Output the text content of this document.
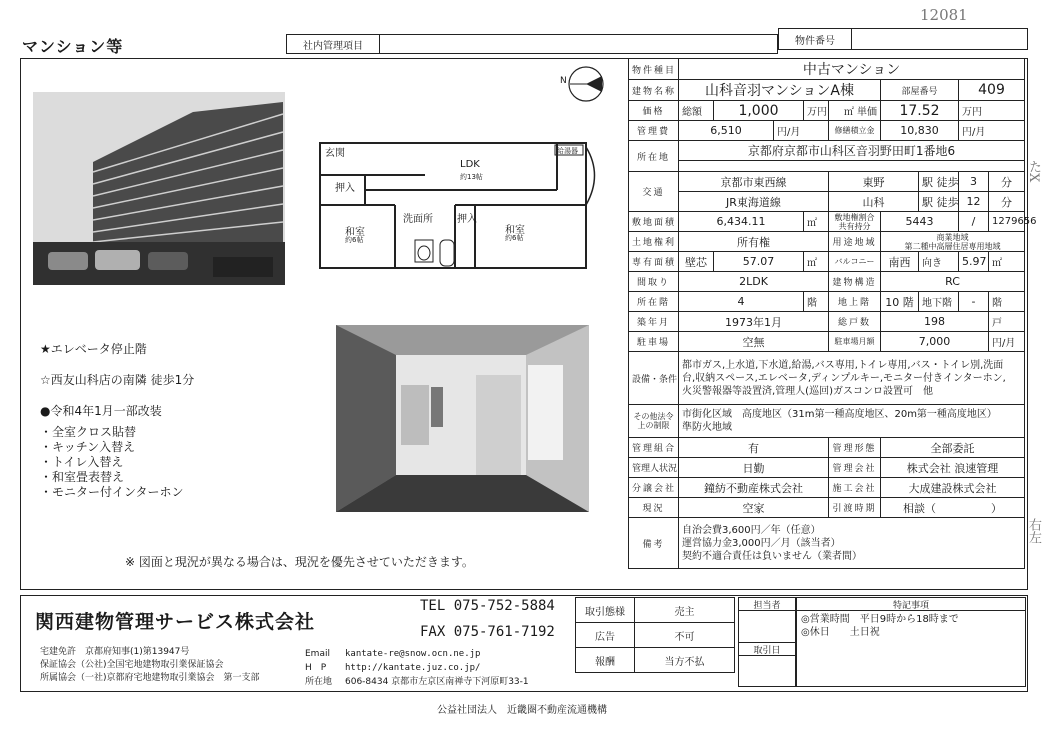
マンション等
12081
社内管理項目	物件番号
N
玄関
LDK
約13帖
押入
和室
約6帖
洗面所 押入
和室
約6帖
給湯器
★エレベータ停止階
☆西友山科店の南隣 徒歩1分
●令和4年1月一部改装
・全室クロス貼替
・キッチン入替え
・トイレ入替え
・和室畳表替え
・モニター付インターホン
※ 図面と現況が異なる場合は、現況を優先させていただきます。
たX
右左
物件種目	中古マンション								
建物名称	山科音羽マンションA棟					部屋番号		409	
価格	総額	1,000		万円	㎡ 単価	17.52		万円	
管理費	6,510		円/月		修繕積立金	10,830		円/月	
所在地	京都府京都市山科区音羽野田町1番地6								

交通	京都市東西線				東野		駅 徒歩	3	分
	JR東海道線				山科		駅 徒歩	12	分
敷地面積	6,434.11			㎡	敷地権割合 共有持分	5443		/	1279656
土地権利	所有権				用途地域	商業地域
第二種中高層住居専用地域			

専有面積	壁芯	57.07		㎡	バルコニー	南西	向き	5.97	㎡
間取り	2LDK				建物構造	RC			
所在階	4			階	地上階	10 階	地下階	-	階
築年月	1973年1月				総戸数	198			戸
駐車場	空無				駐車場月額	7,000			円/月
設備・条件	都市ガス,上水道,下水道,給湯,バス専用,トイレ専用,バス・トイレ別,洗面
台,収納スペース,エレベータ,ディンプルキー,モニター付きインターホン,
火災警報器等設置済,管理人(巡回)ガスコンロ設置可　他								

その他法令上の制限	市街化区域　高度地区（31m第一種高度地区、20m第一種高度地区）
準防火地域								

管理組合	有				管理形態	全部委託			
管理人状況	日勤				管理会社	株式会社 浪速管理			
分譲会社	鐘紡不動産株式会社				施工会社	大成建設株式会社			
現況	空家				引渡時期	相談（　　　　　）			
備考	自治会費3,600円／年（任意）
運営協力金3,000円／月（該当者）
契約不適合責任は負いません（業者間）								
関西建物管理サービス株式会社
TEL 075-752-5884
FAX 075-761-7192
宅建免許　京都府知事(1)第13947号
保証協会（公社)全国宅地建物取引業保証協会
所属協会（一社)京都府宅地建物取引業協会　第一支部
Email kantate-re@snow.ocn.ne.jp
H　P http://kantate.juz.co.jp/
所在地 606-8434 京都市左京区南禅寺下河原町33-1
取引態様	売主
広告	不可
報酬	当方不払
担当者
取引日
特記事項
◎営業時間　平日9時から18時まで
◎休日　　土日祝
公益社団法人　近畿圏不動産流通機構
